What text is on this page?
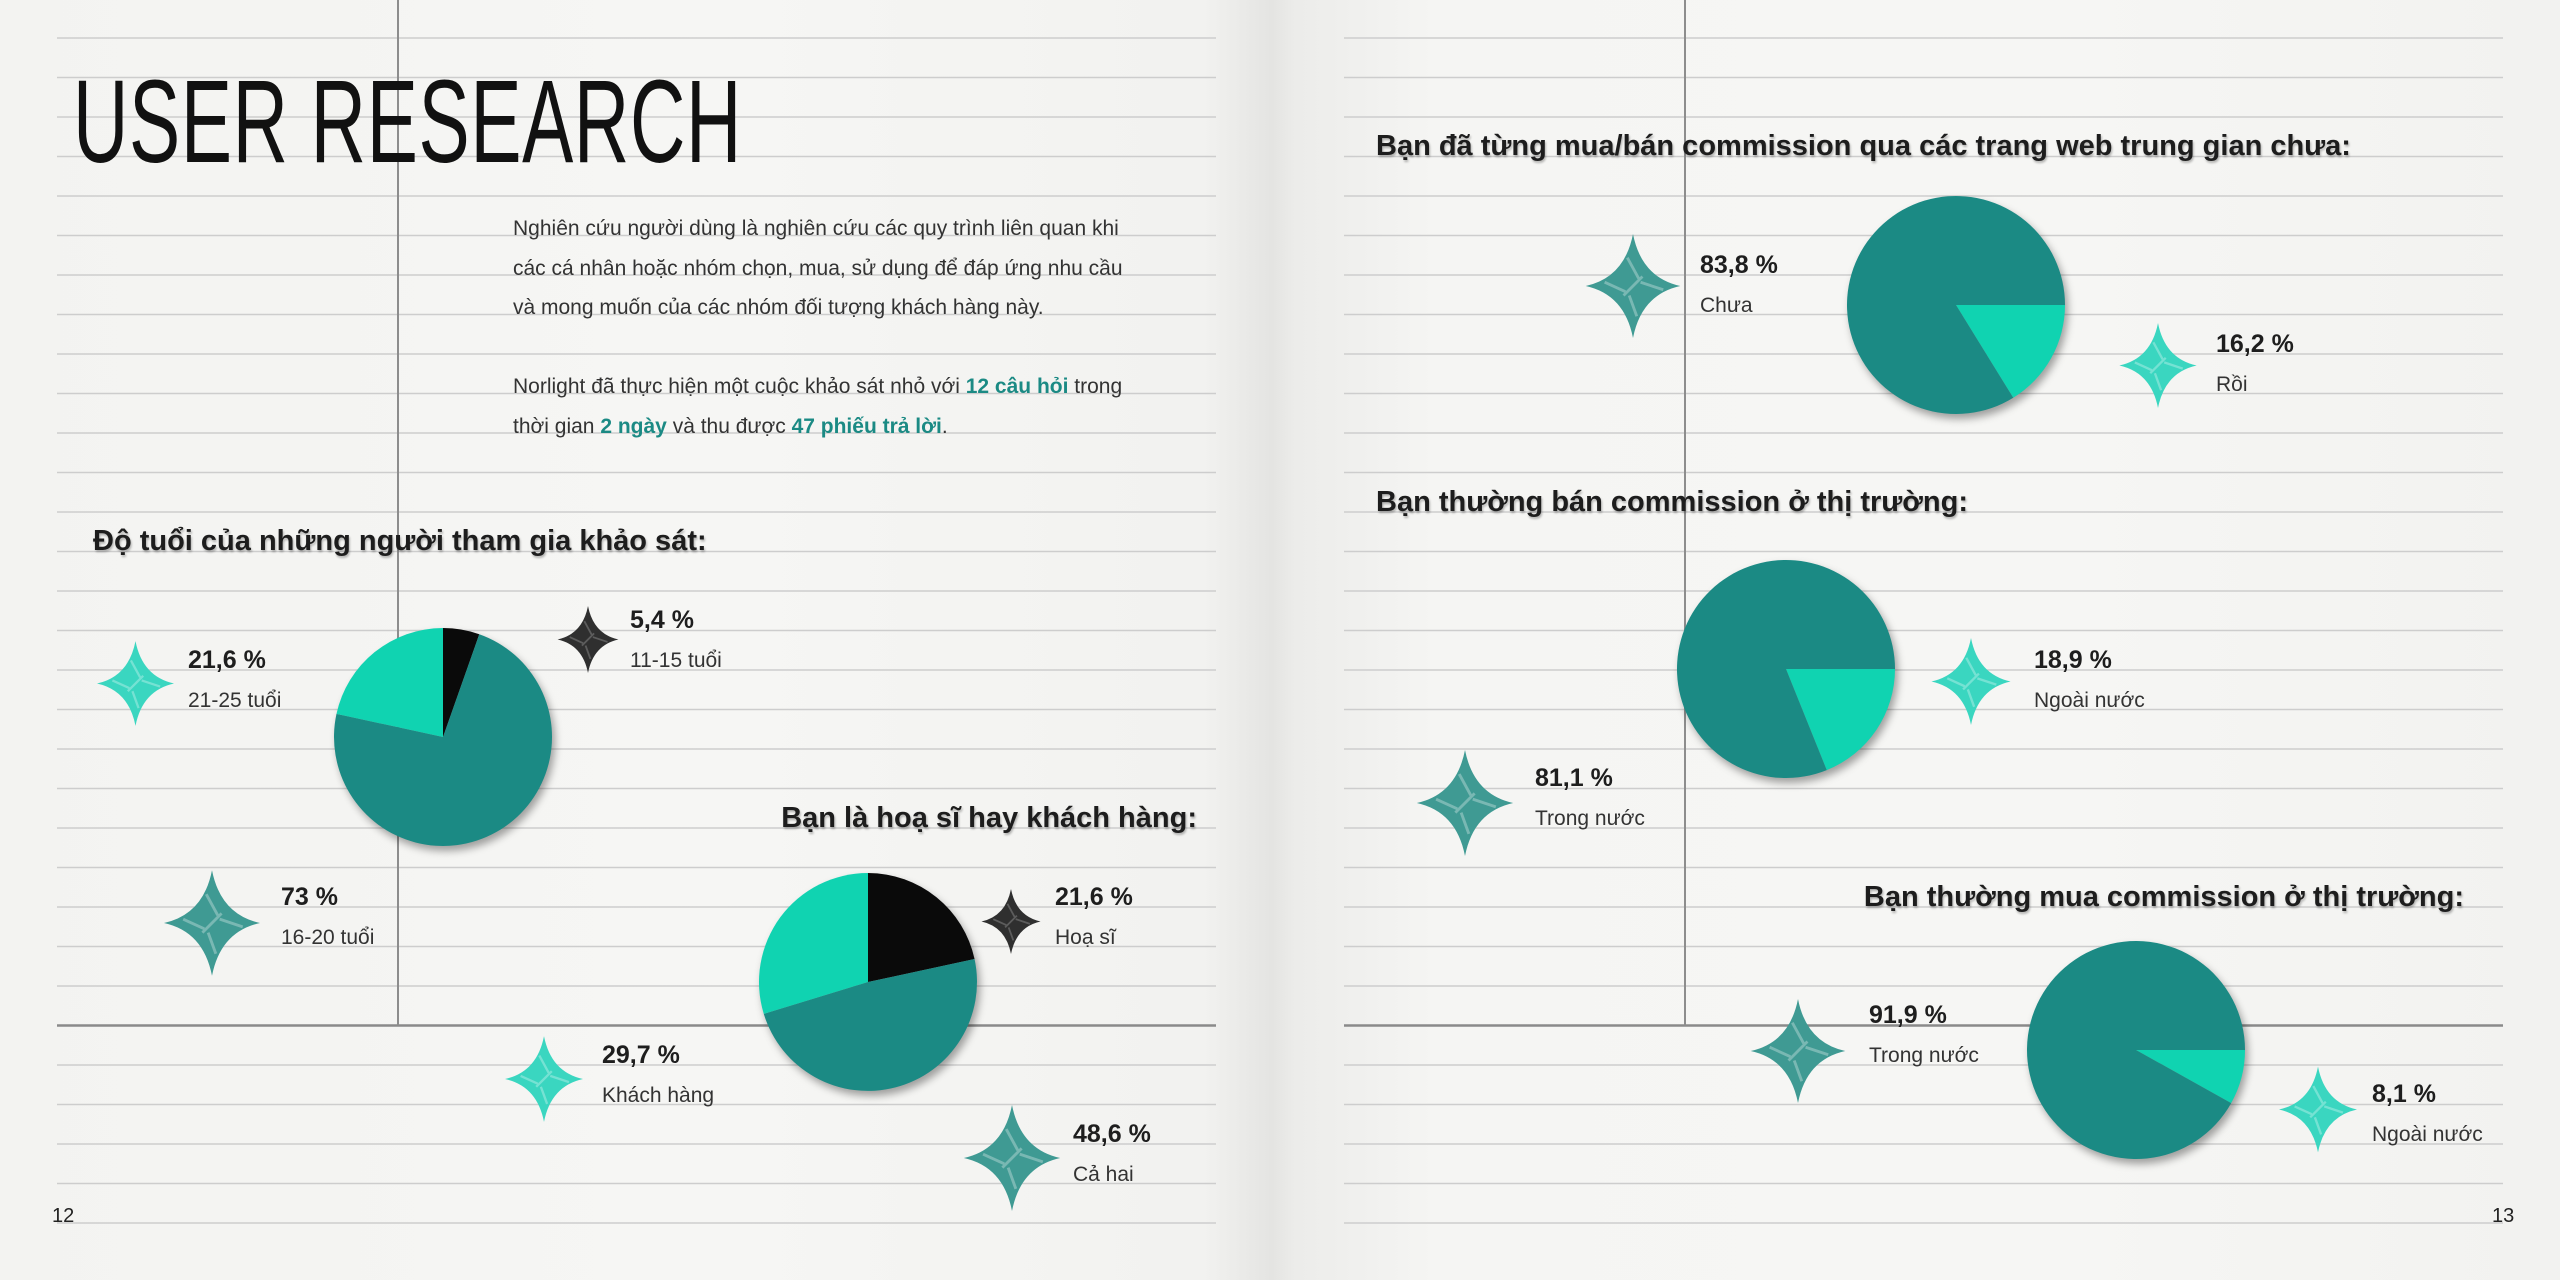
USER RESEARCH
Nghiên cứu người dùng là nghiên cứu các quy trình liên quan khi
các cá nhân hoặc nhóm chọn, mua, sử dụng để đáp ứng nhu cầu
và mong muốn của các nhóm đối tượng khách hàng này.
Norlight đã thực hiện một cuộc khảo sát nhỏ với 12 câu hỏi trong
thời gian 2 ngày và thu được 47 phiếu trả lời.
Độ tuổi của những người tham gia khảo sát:
21,6 %
21-25 tuổi
5,4 %
11-15 tuổi
73 %
16-20 tuổi
Bạn là hoạ sĩ hay khách hàng:
21,6 %
Hoạ sĩ
29,7 %
Khách hàng
48,6 %
Cả hai
12
Bạn đã từng mua/bán commission qua các trang web trung gian chưa:
83,8 %
Chưa
16,2 %
Rồi
Bạn thường bán commission ở thị trường:
18,9 %
Ngoài nước
81,1 %
Trong nước
Bạn thường mua commission ở thị trường:
91,9 %
Trong nước
8,1 %
Ngoài nước
13
